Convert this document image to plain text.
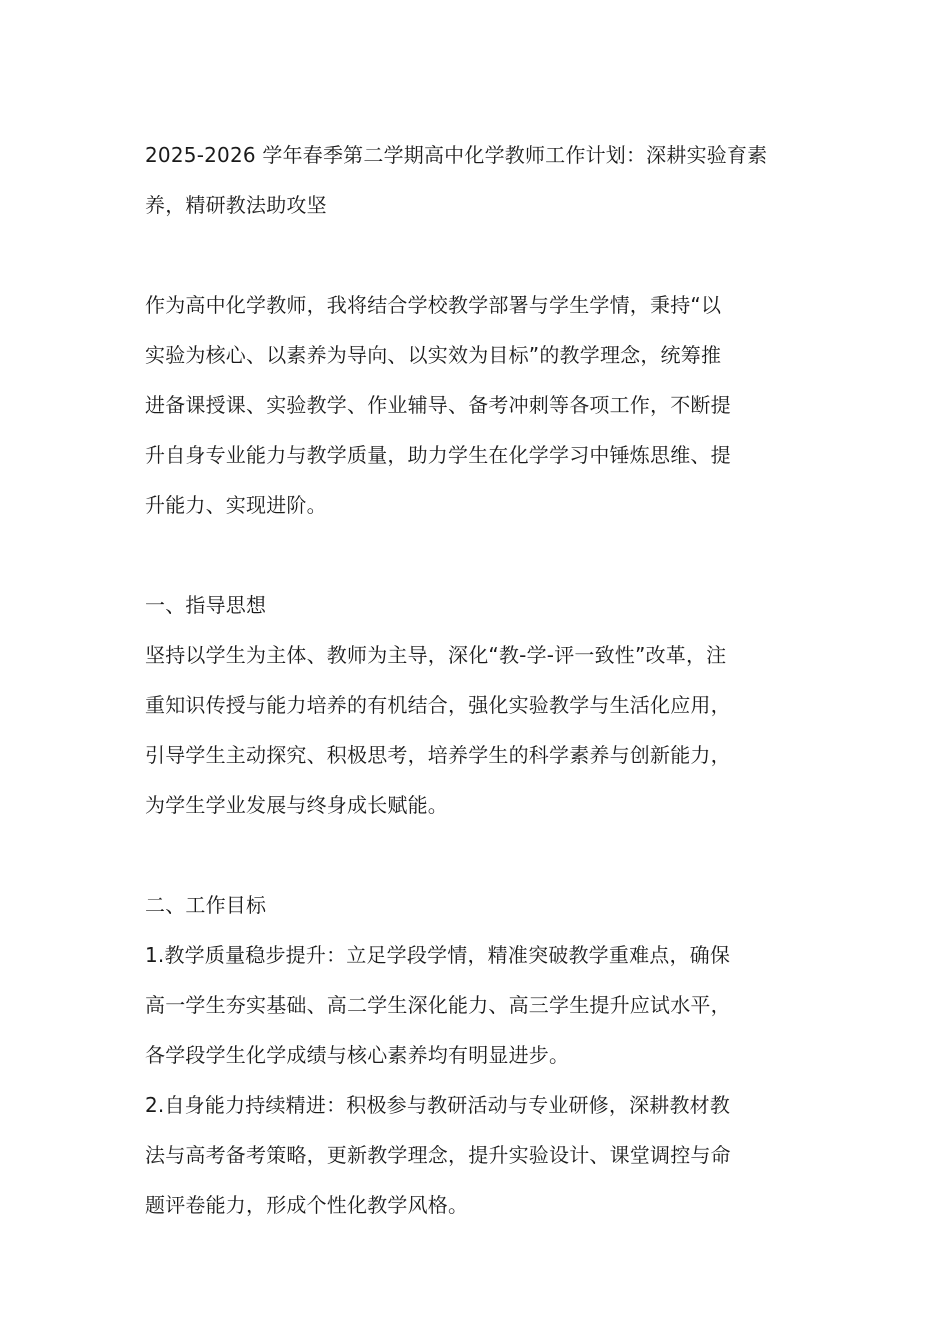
2025-2026 学年春季第二学期高中化学教师工作计划：深耕实验育素
养，精研教法助攻坚
作为高中化学教师，我将结合学校教学部署与学生学情，秉持“以
实验为核心、以素养为导向、以实效为目标”的教学理念，统筹推
进备课授课、实验教学、作业辅导、备考冲刺等各项工作，不断提
升自身专业能力与教学质量，助力学生在化学学习中锤炼思维、提
升能力、实现进阶。
一、指导思想
坚持以学生为主体、教师为主导，深化“教-学-评一致性”改革，注
重知识传授与能力培养的有机结合，强化实验教学与生活化应用，
引导学生主动探究、积极思考，培养学生的科学素养与创新能力，
为学生学业发展与终身成长赋能。
二、工作目标
1.教学质量稳步提升：立足学段学情，精准突破教学重难点，确保
高一学生夯实基础、高二学生深化能力、高三学生提升应试水平，
各学段学生化学成绩与核心素养均有明显进步。
2.自身能力持续精进：积极参与教研活动与专业研修，深耕教材教
法与高考备考策略，更新教学理念，提升实验设计、课堂调控与命
题评卷能力，形成个性化教学风格。
